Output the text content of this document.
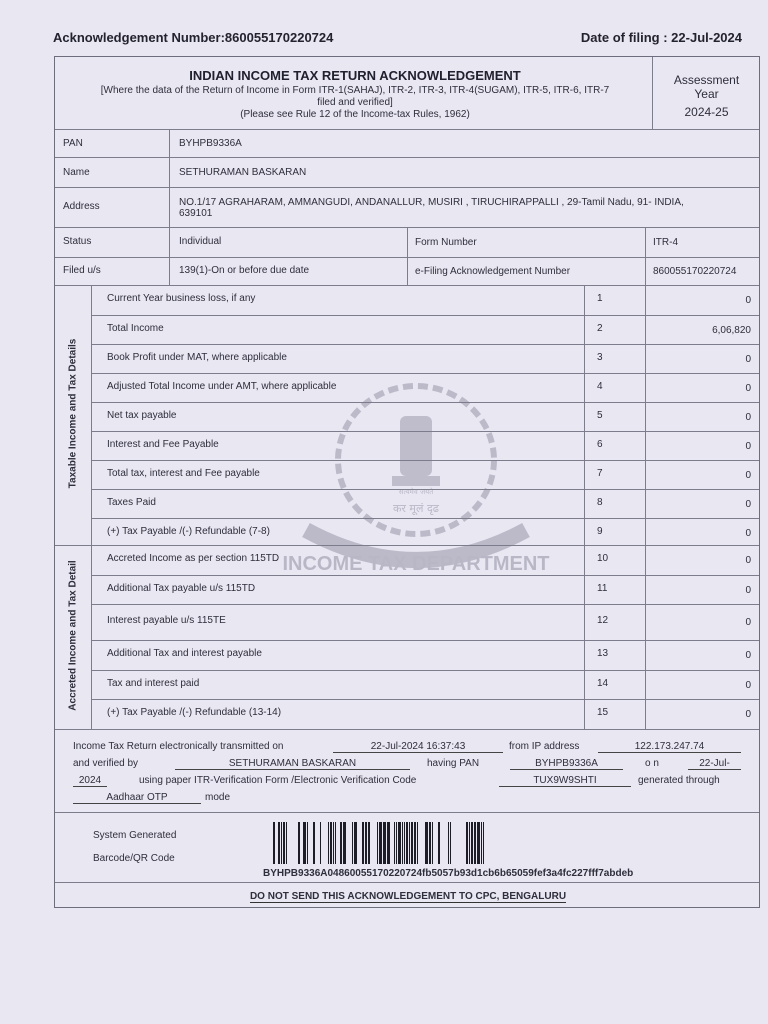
Acknowledgement Number:860055170220724	Date of filing : 22-Jul-2024
INCOME TAX DEPARTMENT
सत्यमेव जयते
कर मूलं दृढ
INDIAN INCOME TAX RETURN ACKNOWLEDGEMENT
[Where the data of the Return of Income in Form ITR-1(SAHAJ), ITR-2, ITR-3, ITR-4(SUGAM), ITR-5, ITR-6, ITR-7
filed and verified]
(Please see Rule 12 of the Income-tax Rules, 1962)
Assessment
Year
2024-25
PAN	BYHPB9336A
Name	SETHURAMAN BASKARAN
Address	NO.1/17 AGRAHARAM, AMMANGUDI, ANDANALLUR, MUSIRI , TIRUCHIRAPPALLI , 29-Tamil Nadu, 91- INDIA,
639101
Status	Individual	Form Number	ITR-4
Filed u/s	139(1)-On or before due date	e-Filing Acknowledgement Number	860055170220724
Taxable Income and Tax Details
Accreted Income and Tax Detail
Income Tax Return electronically transmitted on	22-Jul-2024 16:37:43	from IP address	122.173.247.74
and verified by	SETHURAMAN BASKARAN	having PAN	BYHPB9336A	o n	22-Jul-
2024	using paper ITR-Verification Form /Electronic Verification Code	TUX9W9SHTI	generated through
Aadhaar OTP	mode
System Generated
Barcode/QR Code
BYHPB9336A04860055170220724fb5057b93d1cb6b65059fef3a4fc227fff7abdeb
DO NOT SEND THIS ACKNOWLEDGEMENT TO CPC, BENGALURU
Current Year business loss, if any	1	0
Total Income	2	6,06,820
Book Profit under MAT, where applicable	3	0
Adjusted Total Income under AMT, where applicable	4	0
Net tax payable	5	0
Interest and Fee Payable	6	0
Total tax, interest and Fee payable	7	0
Taxes Paid	8	0
(+) Tax Payable /(-) Refundable (7-8)	9	0
Accreted Income as per section 115TD	10	0
Additional Tax payable u/s 115TD	11	0
Interest payable u/s 115TE	12	0
Additional Tax and interest payable	13	0
Tax and interest paid	14	0
(+) Tax Payable /(-) Refundable (13-14)	15	0
